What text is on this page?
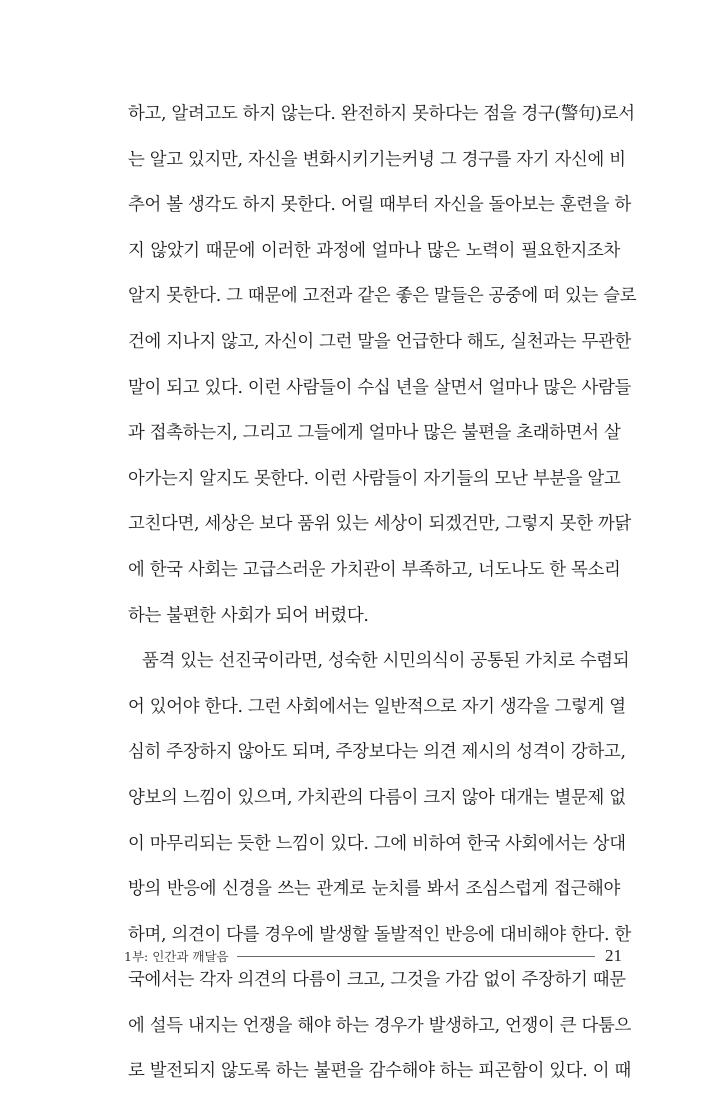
하고, 알려고도 하지 않는다. 완전하지 못하다는 점을 경구(警句)로서
는 알고 있지만, 자신을 변화시키기는커녕 그 경구를 자기 자신에 비
추어 볼 생각도 하지 못한다. 어릴 때부터 자신을 돌아보는 훈련을 하
지 않았기 때문에 이러한 과정에 얼마나 많은 노력이 필요한지조차
알지 못한다. 그 때문에 고전과 같은 좋은 말들은 공중에 떠 있는 슬로
건에 지나지 않고, 자신이 그런 말을 언급한다 해도, 실천과는 무관한
말이 되고 있다. 이런 사람들이 수십 년을 살면서 얼마나 많은 사람들
과 접촉하는지, 그리고 그들에게 얼마나 많은 불편을 초래하면서 살
아가는지 알지도 못한다. 이런 사람들이 자기들의 모난 부분을 알고
고친다면, 세상은 보다 품위 있는 세상이 되겠건만, 그렇지 못한 까닭
에 한국 사회는 고급스러운 가치관이 부족하고, 너도나도 한 목소리
하는 불편한 사회가 되어 버렸다.
품격 있는 선진국이라면, 성숙한 시민의식이 공통된 가치로 수렴되
어 있어야 한다. 그런 사회에서는 일반적으로 자기 생각을 그렇게 열
심히 주장하지 않아도 되며, 주장보다는 의견 제시의 성격이 강하고,
양보의 느낌이 있으며, 가치관의 다름이 크지 않아 대개는 별문제 없
이 마무리되는 듯한 느낌이 있다. 그에 비하여 한국 사회에서는 상대
방의 반응에 신경을 쓰는 관계로 눈치를 봐서 조심스럽게 접근해야
하며, 의견이 다를 경우에 발생할 돌발적인 반응에 대비해야 한다. 한
국에서는 각자 의견의 다름이 크고, 그것을 가감 없이 주장하기 때문
에 설득 내지는 언쟁을 해야 하는 경우가 발생하고, 언쟁이 큰 다툼으
로 발전되지 않도록 하는 불편을 감수해야 하는 피곤함이 있다. 이 때
1부: 인간과 깨달음	21
